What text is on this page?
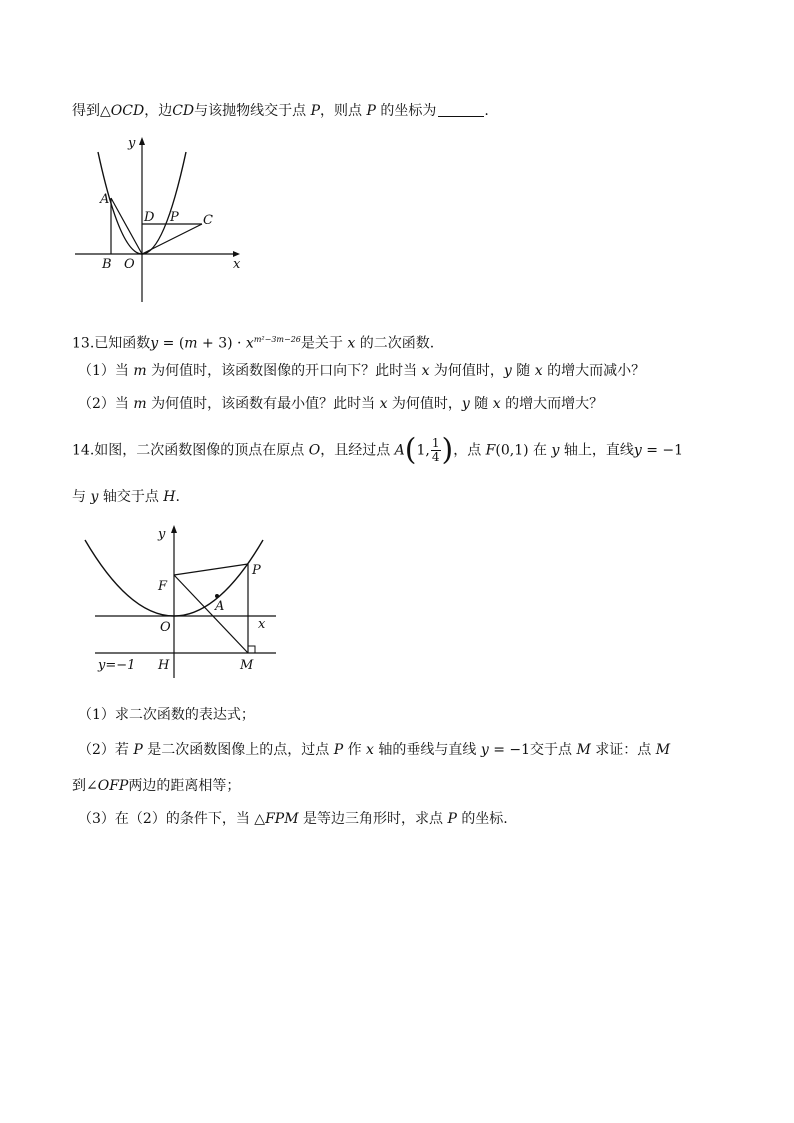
得到△OCD，边CD与该抛物线交于点 P，则点 P 的坐标为	.
y
x
A
B O
D P C
13.已知函数$y = (m + 3) \cdot x^{m^2-3m-26}$是关于 x 的二次函数.
（1）当 m 为何值时，该函数图像的开口向下？此时当 x 为何值时，y 随 x 的增大而减小？
（2）当 m 为何值时，该函数有最小值？此时当 x 为何值时，y 随 x 的增大而增大？
14.如图，二次函数图像的顶点在原点 O，且经过点 A(1, $\frac{1}{4}$ )，点 F(0,1) 在 y 轴上，直线y = −1
与 y 轴交于点 H.
y
x
F
P
A
O
y=−1 H	M
（1）求二次函数的表达式；
（2）若 P 是二次函数图像上的点，过点 P 作 x 轴的垂线与直线 y = −1交于点 M 求证：点 M
到∠OFP两边的距离相等；
（3）在（2）的条件下，当 △FPM 是等边三角形时，求点 P 的坐标.
